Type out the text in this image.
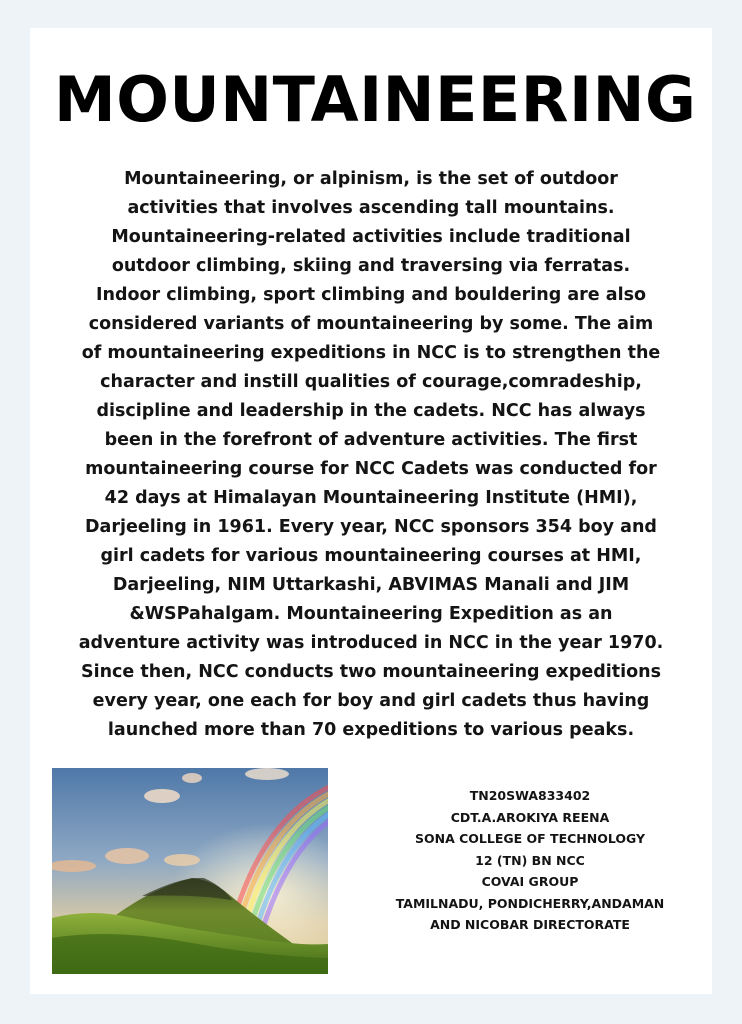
MOUNTAINEERING

Mountaineering, or alpinism, is the set of outdoor
activities that involves ascending tall mountains.
Mountaineering-related activities include traditional
outdoor climbing, skiing and traversing via ferratas.
Indoor climbing, sport climbing and bouldering are also
considered variants of mountaineering by some. The aim
of mountaineering expeditions in NCC is to strengthen the
character and instill qualities of courage,comradeship,
discipline and leadership in the cadets. NCC has always
been in the forefront of adventure activities. The first
mountaineering course for NCC Cadets was conducted for
42 days at Himalayan Mountaineering Institute (HMI),
Darjeeling in 1961. Every year, NCC sponsors 354 boy and
girl cadets for various mountaineering courses at HMI,
Darjeeling, NIM Uttarkashi, ABVIMAS Manali and JIM
&WSPahalgam. Mountaineering Expedition as an
adventure activity was introduced in NCC in the year 1970.
Since then, NCC conducts two mountaineering expeditions
every year, one each for boy and girl cadets thus having
launched more than 70 expeditions to various peaks.

TN20SWA833402
CDT.A.AROKIYA REENA
SONA COLLEGE OF TECHNOLOGY
12 (TN) BN NCC
COVAI GROUP
TAMILNADU, PONDICHERRY,ANDAMAN
AND NICOBAR DIRECTORATE
